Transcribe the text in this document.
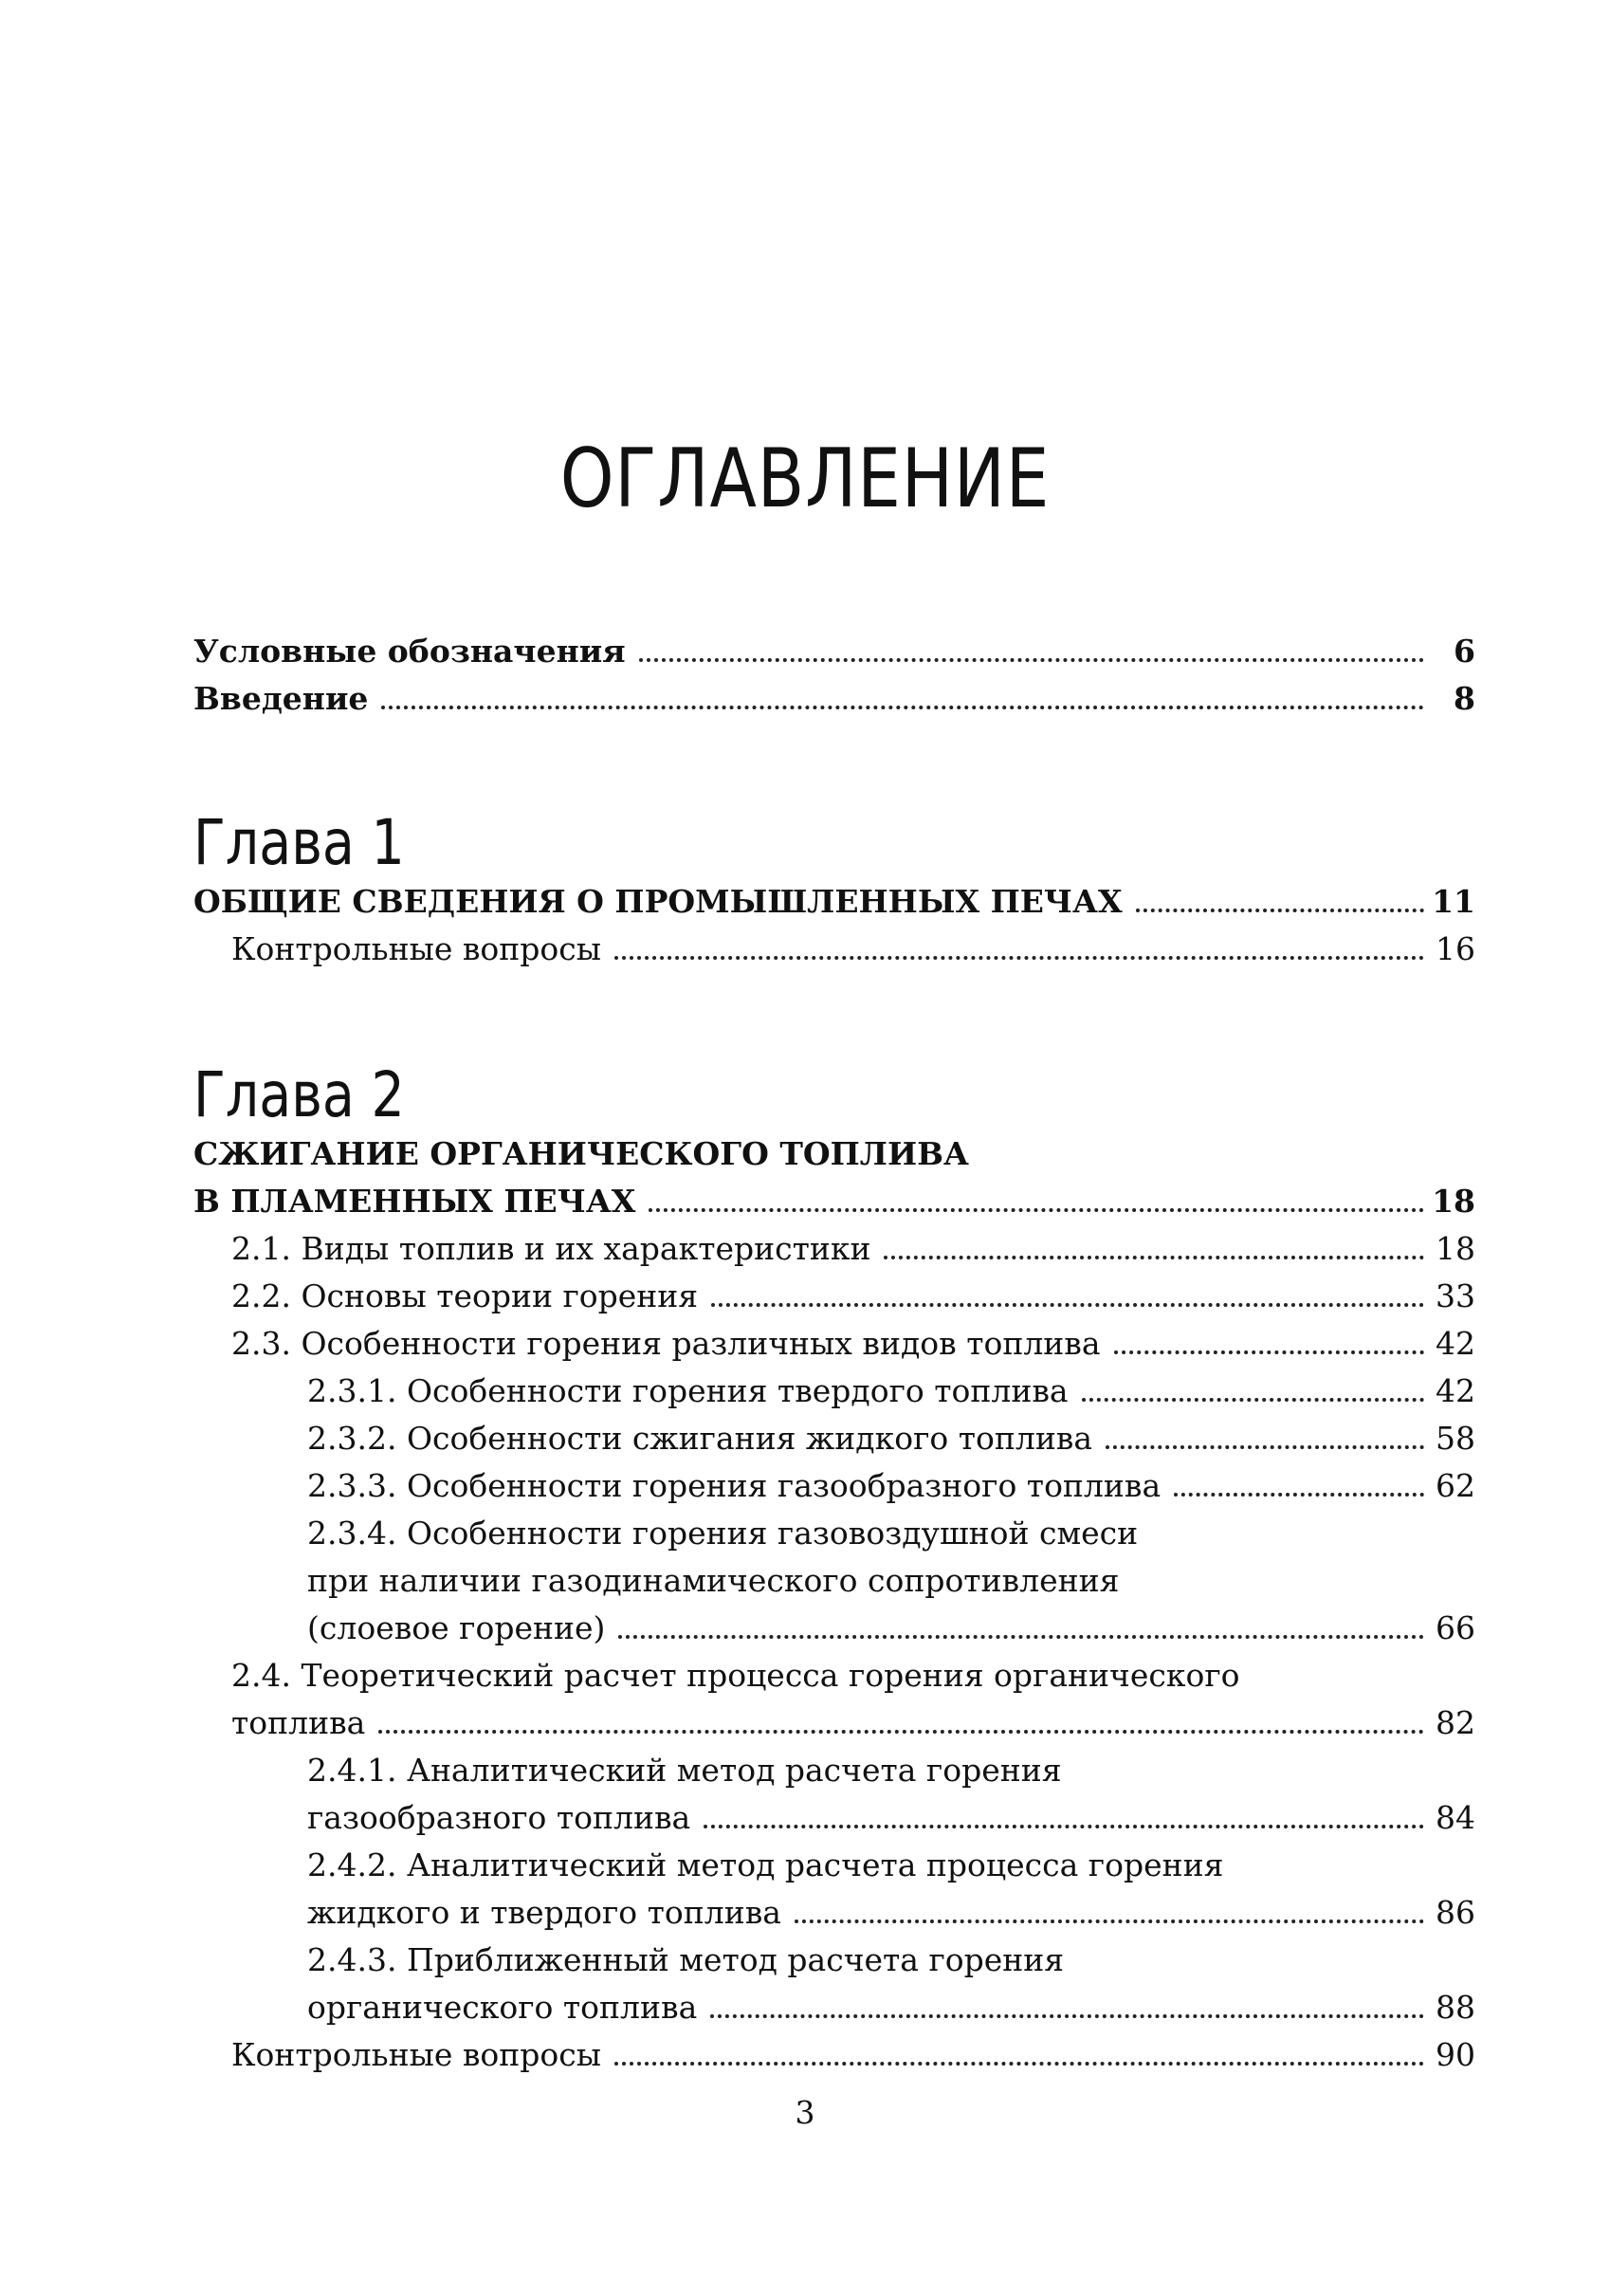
ОГЛАВЛЕНИЕ
Условные обозначения	6
Введение	8
Глава 1
ОБЩИЕ СВЕДЕНИЯ О ПРОМЫШЛЕННЫХ ПЕЧАХ	11
Контрольные вопросы	16
Глава 2
СЖИГАНИЕ ОРГАНИЧЕСКОГО ТОПЛИВА
В ПЛАМЕННЫХ ПЕЧАХ	18
2.1. Виды топлив и их характеристики	18
2.2. Основы теории горения	33
2.3. Особенности горения различных видов топлива	42
2.3.1. Особенности горения твердого топлива	42
2.3.2. Особенности сжигания жидкого топлива	58
2.3.3. Особенности горения газообразного топлива	62
2.3.4. Особенности горения газовоздушной смеси
при наличии газодинамического сопротивления
(слоевое горение)	66
2.4. Теоретический расчет процесса горения органического
топлива	82
2.4.1. Аналитический метод расчета горения
газообразного топлива	84
2.4.2. Аналитический метод расчета процесса горения
жидкого и твердого топлива	86
2.4.3. Приближенный метод расчета горения
органического топлива	88
Контрольные вопросы	90
3
